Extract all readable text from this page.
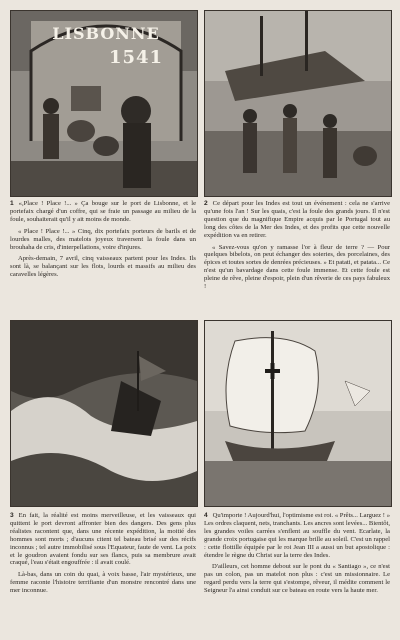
LISBONNE
1541

1 «,Place ! Place !... » Ça bouge sur le port de Lisbonne, et le portefaix chargé d'un coffre, qui se fraie un passage au milieu de la foule, souhaiterait qu'il y ait moins de monde.

« Place ! Place !... » Cinq, dix portefaix porteurs de barils et de lourdes malles, des matelots joyeux traversent la foule dans un brouhaha de cris, d'interpellations, voire d'injures.

Après-demain, 7 avril, cinq vaisseaux partent pour les Indes. Ils sont là, se balançant sur les flots, lourds et massifs au milieu des caravelles légères.

2 Ce départ pour les Indes est tout un événement : cela ne s'arrive qu'une fois l'an ! Sur les quais, c'est la foule des grands jours. Il n'est question que du magnifique Empire acquis par le Portugal tout au long des côtes de la Mer des Indes, et des profits que cette nouvelle expédition va en retirer.

« Savez-vous qu'on y ramasse l'or à fleur de terre ? — Pour quelques bibelots, on peut échanger des soieries, des porcelaines, des épices et toutes sortes de denrées précieuses. » Et patati, et patata... Ce n'est qu'un bavardage dans cette foule immense. Et cette foule est pleine de rêve, pleine d'espoir, plein d'un rêverie de ces pays fabuleux !

3 En fait, la réalité est moins merveilleuse, et les vaisseaux qui quittent le port devront affronter bien des dangers. Des gens plus réalistes racontent que, dans une récente expédition, la moitié des hommes sont morts ; d'aucuns citent tel bateau brisé sur des récifs inconnus ; tel autre immobilisé sous l'Equateur, faute de vent. La poix et le goudron avaient fondu sur ses flancs, puis sa membrure avait craqué, l'eau s'était engouffrée : il avait coulé.

Là-bas, dans un coin du quai, à voix basse, l'air mystérieux, une femme raconte l'histoire terrifiante d'un monstre rencontré dans une mer inconnue.

4 Qu'importe ! Aujourd'hui, l'optimisme est roi. « Prêts... Larguez ! » Les ordres claquent, nets, tranchants. Les ancres sont levées... Bientôt, les grandes voiles carrées s'enflent au souffle du vent. Ecarlate, la grande croix portugaise qui les marque brille au soleil. C'est un rappel : cette flottille équipée par le roi Jean III a aussi un but apostolique : étendre le règne du Christ sur la terre des Indes.

D'ailleurs, cet homme debout sur le pont du « Santiago », ce n'est pas un colon, pas un matelot non plus : c'est un missionnaire. Le regard perdu vers la terre qui s'estompe, rêveur, il médite comment le Seigneur l'a ainsi conduit sur ce bateau en route vers la haute mer.
